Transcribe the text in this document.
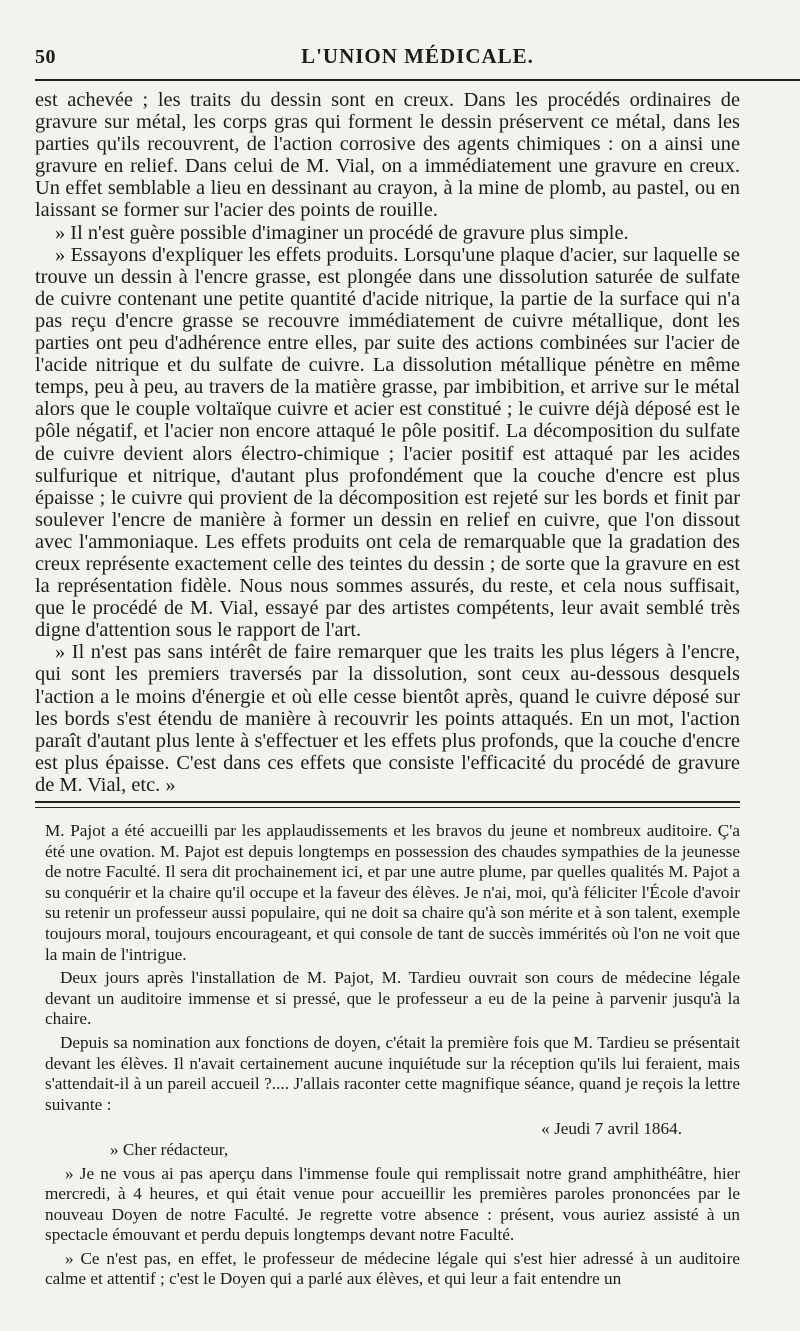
50	L'UNION MÉDICALE.

est achevée ; les traits du dessin sont en creux. Dans les procédés ordinaires de gravure sur métal, les corps gras qui forment le dessin préservent ce métal, dans les parties qu'ils recouvrent, de l'action corrosive des agents chimiques : on a ainsi une gravure en relief. Dans celui de M. Vial, on a immédiatement une gravure en creux. Un effet semblable a lieu en dessinant au crayon, à la mine de plomb, au pastel, ou en laissant se former sur l'acier des points de rouille.

» Il n'est guère possible d'imaginer un procédé de gravure plus simple.

» Essayons d'expliquer les effets produits. Lorsqu'une plaque d'acier, sur laquelle se trouve un dessin à l'encre grasse, est plongée dans une dissolution saturée de sulfate de cuivre contenant une petite quantité d'acide nitrique, la partie de la surface qui n'a pas reçu d'encre grasse se recouvre immédiatement de cuivre métallique, dont les parties ont peu d'adhérence entre elles, par suite des actions combinées sur l'acier de l'acide nitrique et du sulfate de cuivre. La dissolution métallique pénètre en même temps, peu à peu, au travers de la matière grasse, par imbibition, et arrive sur le métal alors que le couple voltaïque cuivre et acier est constitué ; le cuivre déjà déposé est le pôle négatif, et l'acier non encore attaqué le pôle positif. La décomposition du sulfate de cuivre devient alors électro-chimique ; l'acier positif est attaqué par les acides sulfurique et nitrique, d'autant plus profondément que la couche d'encre est plus épaisse ; le cuivre qui provient de la décomposition est rejeté sur les bords et finit par soulever l'encre de manière à former un dessin en relief en cuivre, que l'on dissout avec l'ammoniaque. Les effets produits ont cela de remarquable que la gradation des creux représente exactement celle des teintes du dessin ; de sorte que la gravure en est la représentation fidèle. Nous nous sommes assurés, du reste, et cela nous suffisait, que le procédé de M. Vial, essayé par des artistes compétents, leur avait semblé très digne d'attention sous le rapport de l'art.

» Il n'est pas sans intérêt de faire remarquer que les traits les plus légers à l'encre, qui sont les premiers traversés par la dissolution, sont ceux au-dessous desquels l'action a le moins d'énergie et où elle cesse bientôt après, quand le cuivre déposé sur les bords s'est étendu de manière à recouvrir les points attaqués. En un mot, l'action paraît d'autant plus lente à s'effectuer et les effets plus profonds, que la couche d'encre est plus épaisse. C'est dans ces effets que consiste l'efficacité du procédé de gravure de M. Vial, etc. »

M. Pajot a été accueilli par les applaudissements et les bravos du jeune et nombreux auditoire. Ç'a été une ovation. M. Pajot est depuis longtemps en possession des chaudes sympathies de la jeunesse de notre Faculté. Il sera dit prochainement ici, et par une autre plume, par quelles qualités M. Pajot a su conquérir et la chaire qu'il occupe et la faveur des élèves. Je n'ai, moi, qu'à féliciter l'École d'avoir su retenir un professeur aussi populaire, qui ne doit sa chaire qu'à son mérite et à son talent, exemple toujours moral, toujours encourageant, et qui console de tant de succès immérités où l'on ne voit que la main de l'intrigue.

Deux jours après l'installation de M. Pajot, M. Tardieu ouvrait son cours de médecine légale devant un auditoire immense et si pressé, que le professeur a eu de la peine à parvenir jusqu'à la chaire.

Depuis sa nomination aux fonctions de doyen, c'était la première fois que M. Tardieu se présentait devant les élèves. Il n'avait certainement aucune inquiétude sur la réception qu'ils lui feraient, mais s'attendait-il à un pareil accueil ?.... J'allais raconter cette magnifique séance, quand je reçois la lettre suivante :

« Jeudi 7 avril 1864.

» Cher rédacteur,

» Je ne vous ai pas aperçu dans l'immense foule qui remplissait notre grand amphithéâtre, hier mercredi, à 4 heures, et qui était venue pour accueillir les premières paroles prononcées par le nouveau Doyen de notre Faculté. Je regrette votre absence : présent, vous auriez assisté à un spectacle émouvant et perdu depuis longtemps devant notre Faculté.

» Ce n'est pas, en effet, le professeur de médecine légale qui s'est hier adressé à un auditoire calme et attentif ; c'est le Doyen qui a parlé aux élèves, et qui leur a fait entendre un
